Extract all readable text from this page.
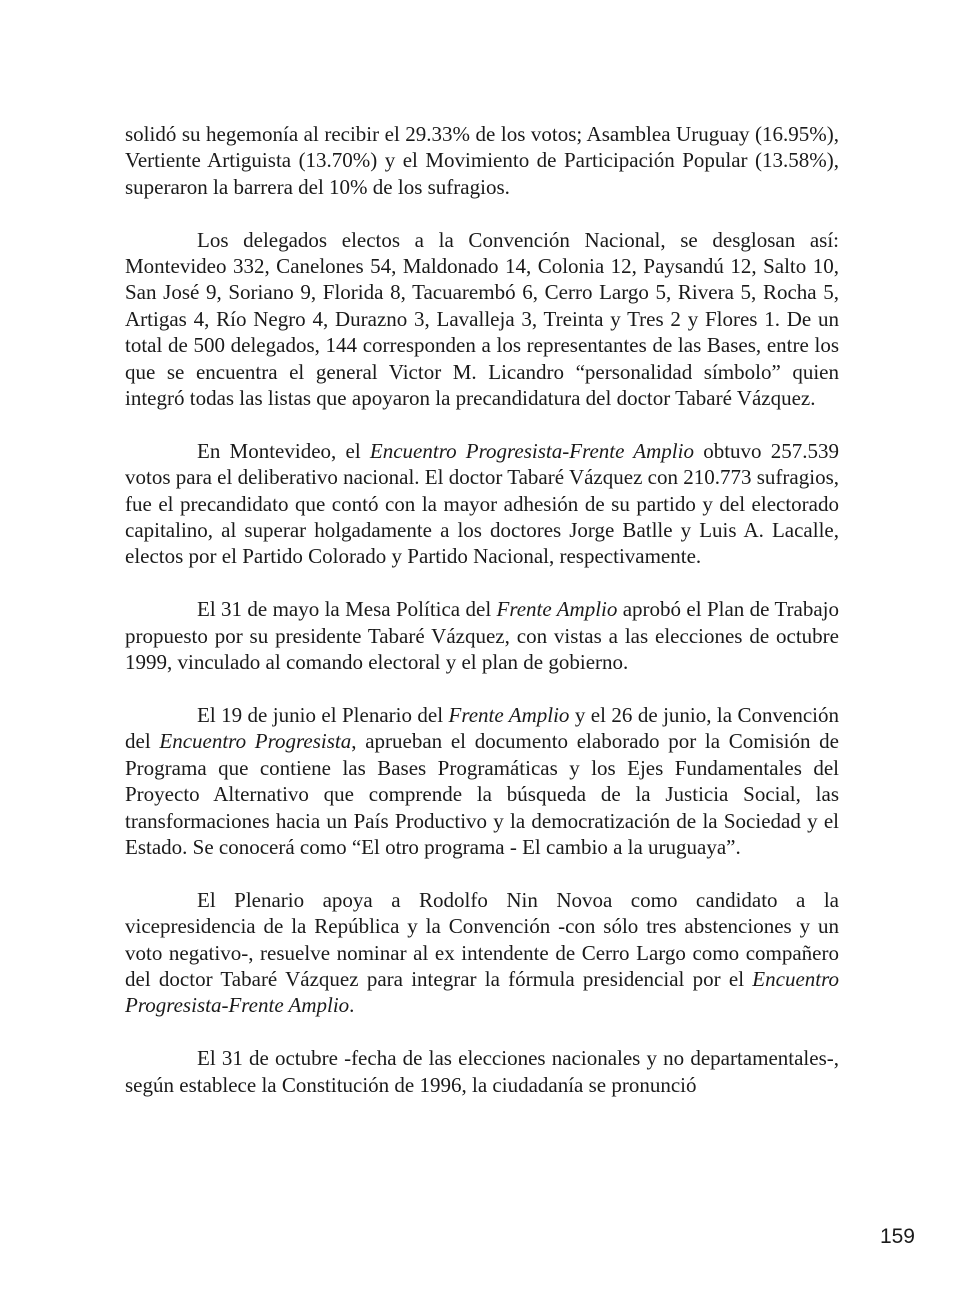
solidó su hegemonía al recibir el 29.33% de los votos; Asamblea Uruguay (16.95%), Vertiente Artiguista (13.70%) y el Movimiento de Participación Popular (13.58%), superaron la barrera del 10% de los sufragios.

Los delegados electos a la Convención Nacional, se desglosan así: Montevideo 332, Canelones 54, Maldonado 14, Colonia 12, Paysandú 12, Salto 10, San José 9, Soriano 9, Florida 8, Tacuarembó 6, Cerro Largo 5, Rivera 5, Rocha 5, Artigas 4, Río Negro 4, Durazno 3, Lavalleja 3, Treinta y Tres 2 y Flores 1. De un total de 500 delegados, 144 corresponden a los representantes de las Bases, entre los que se encuentra el general Victor M. Licandro “personalidad símbolo” quien integró todas las listas que apoyaron la precandidatura del doctor Tabaré Vázquez.

En Montevideo, el Encuentro Progresista-Frente Amplio obtuvo 257.539 votos para el deliberativo nacional. El doctor Tabaré Vázquez con 210.773 sufragios, fue el precandidato que contó con la mayor adhesión de su partido y del electorado capitalino, al superar holgadamente a los doctores Jorge Batlle y Luis A. Lacalle, electos por el Partido Colorado y Partido Nacional, respectivamente.

El 31 de mayo la Mesa Política del Frente Amplio aprobó el Plan de Trabajo propuesto por su presidente Tabaré Vázquez, con vistas a las elecciones de octubre 1999, vinculado al comando electoral y el plan de gobierno.

El 19 de junio el Plenario del Frente Amplio y el 26 de junio, la Convención del Encuentro Progresista, aprueban el documento elaborado por la Comisión de Programa que contiene las Bases Programáticas y los Ejes Fundamentales del Proyecto Alternativo que comprende la búsqueda de la Justicia Social, las transformaciones hacia un País Productivo y la democratización de la Sociedad y el Estado. Se conocerá como “El otro programa - El cambio a la uruguaya”.

El Plenario apoya a Rodolfo Nin Novoa como candidato a la vicepresidencia de la República y la Convención -con sólo tres abstenciones y un voto negativo-, resuelve nominar al ex intendente de Cerro Largo como compañero del doctor Tabaré Vázquez para integrar la fórmula presidencial por el Encuentro Progresista-Frente Amplio.

El 31 de octubre -fecha de las elecciones nacionales y no departamentales-, según establece la Constitución de 1996, la ciudadanía se pronunció

159
